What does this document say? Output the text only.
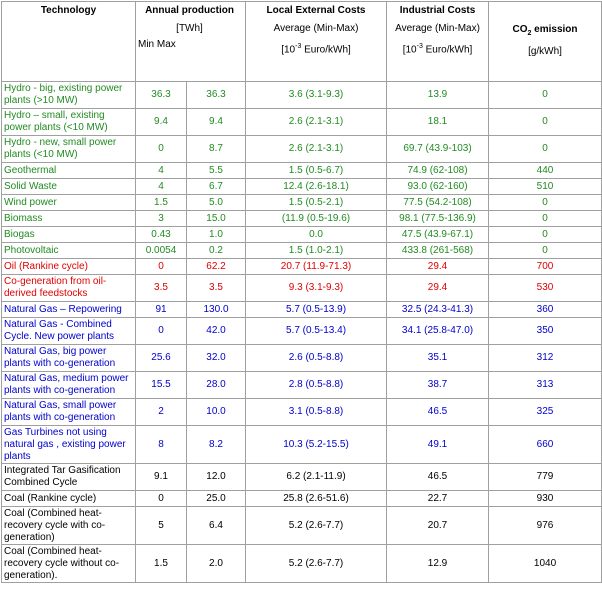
Technology	Annual production
[TWh]
Min Max		Local External Costs
Average (Min-Max)
[$10^{-3}$ Euro/kWh]	Industrial Costs
Average (Min-Max)
[$10^{-3}$ Euro/kWh]	$CO_2$ emission
[g/kWh]

Hydro - big, existing power plants (>10 MW)	36.3	36.3	3.6 (3.1-9.3)	13.9	0
Hydro – small, existing power plants (<10 MW)	9.4	9.4	2.6 (2.1-3.1)	18.1	0
Hydro - new, small power plants (<10 MW)	0	8.7	2.6 (2.1-3.1)	69.7 (43.9-103)	0
Geothermal	4	5.5	1.5 (0.5-6.7)	74.9 (62-108)	440
Solid Waste	4	6.7	12.4 (2.6-18.1)	93.0 (62-160)	510
Wind power	1.5	5.0	1.5 (0.5-2.1)	77.5 (54.2-108)	0
Biomass	3	15.0	(11.9 (0.5-19.6)	98.1 (77.5-136.9)	0
Biogas	0.43	1.0	0.0	47.5 (43.9-67.1)	0
Photovoltaic	0.0054	0.2	1.5 (1.0-2.1)	433.8 (261-568)	0
Oil (Rankine cycle)	0	62.2	20.7 (11.9-71.3)	29.4	700
Co-generation from oil-derived feedstocks	3.5	3.5	9.3 (3.1-9.3)	29.4	530
Natural Gas – Repowering	91	130.0	5.7 (0.5-13.9)	32.5 (24.3-41.3)	360
Natural Gas - Combined Cycle. New power plants	0	42.0	5.7 (0.5-13.4)	34.1 (25.8-47.0)	350
Natural Gas, big power plants with co-generation	25.6	32.0	2.6 (0.5-8.8)	35.1	312
Natural Gas, medium power plants with co-generation	15.5	28.0	2.8 (0.5-8.8)	38.7	313
Natural Gas, small power plants with co-generation	2	10.0	3.1 (0.5-8.8)	46.5	325
Gas Turbines not using natural gas , existing power plants	8	8.2	10.3 (5.2-15.5)	49.1	660
Integrated Tar Gasification Combined Cycle	9.1	12.0	6.2 (2.1-11.9)	46.5	779
Coal (Rankine cycle)	0	25.0	25.8 (2.6-51.6)	22.7	930
Coal (Combined heat-recovery cycle with co-generation)	5	6.4	5.2 (2.6-7.7)	20.7	976
Coal (Combined heat-recovery cycle without co-generation).	1.5	2.0	5.2 (2.6-7.7)	12.9	1040
